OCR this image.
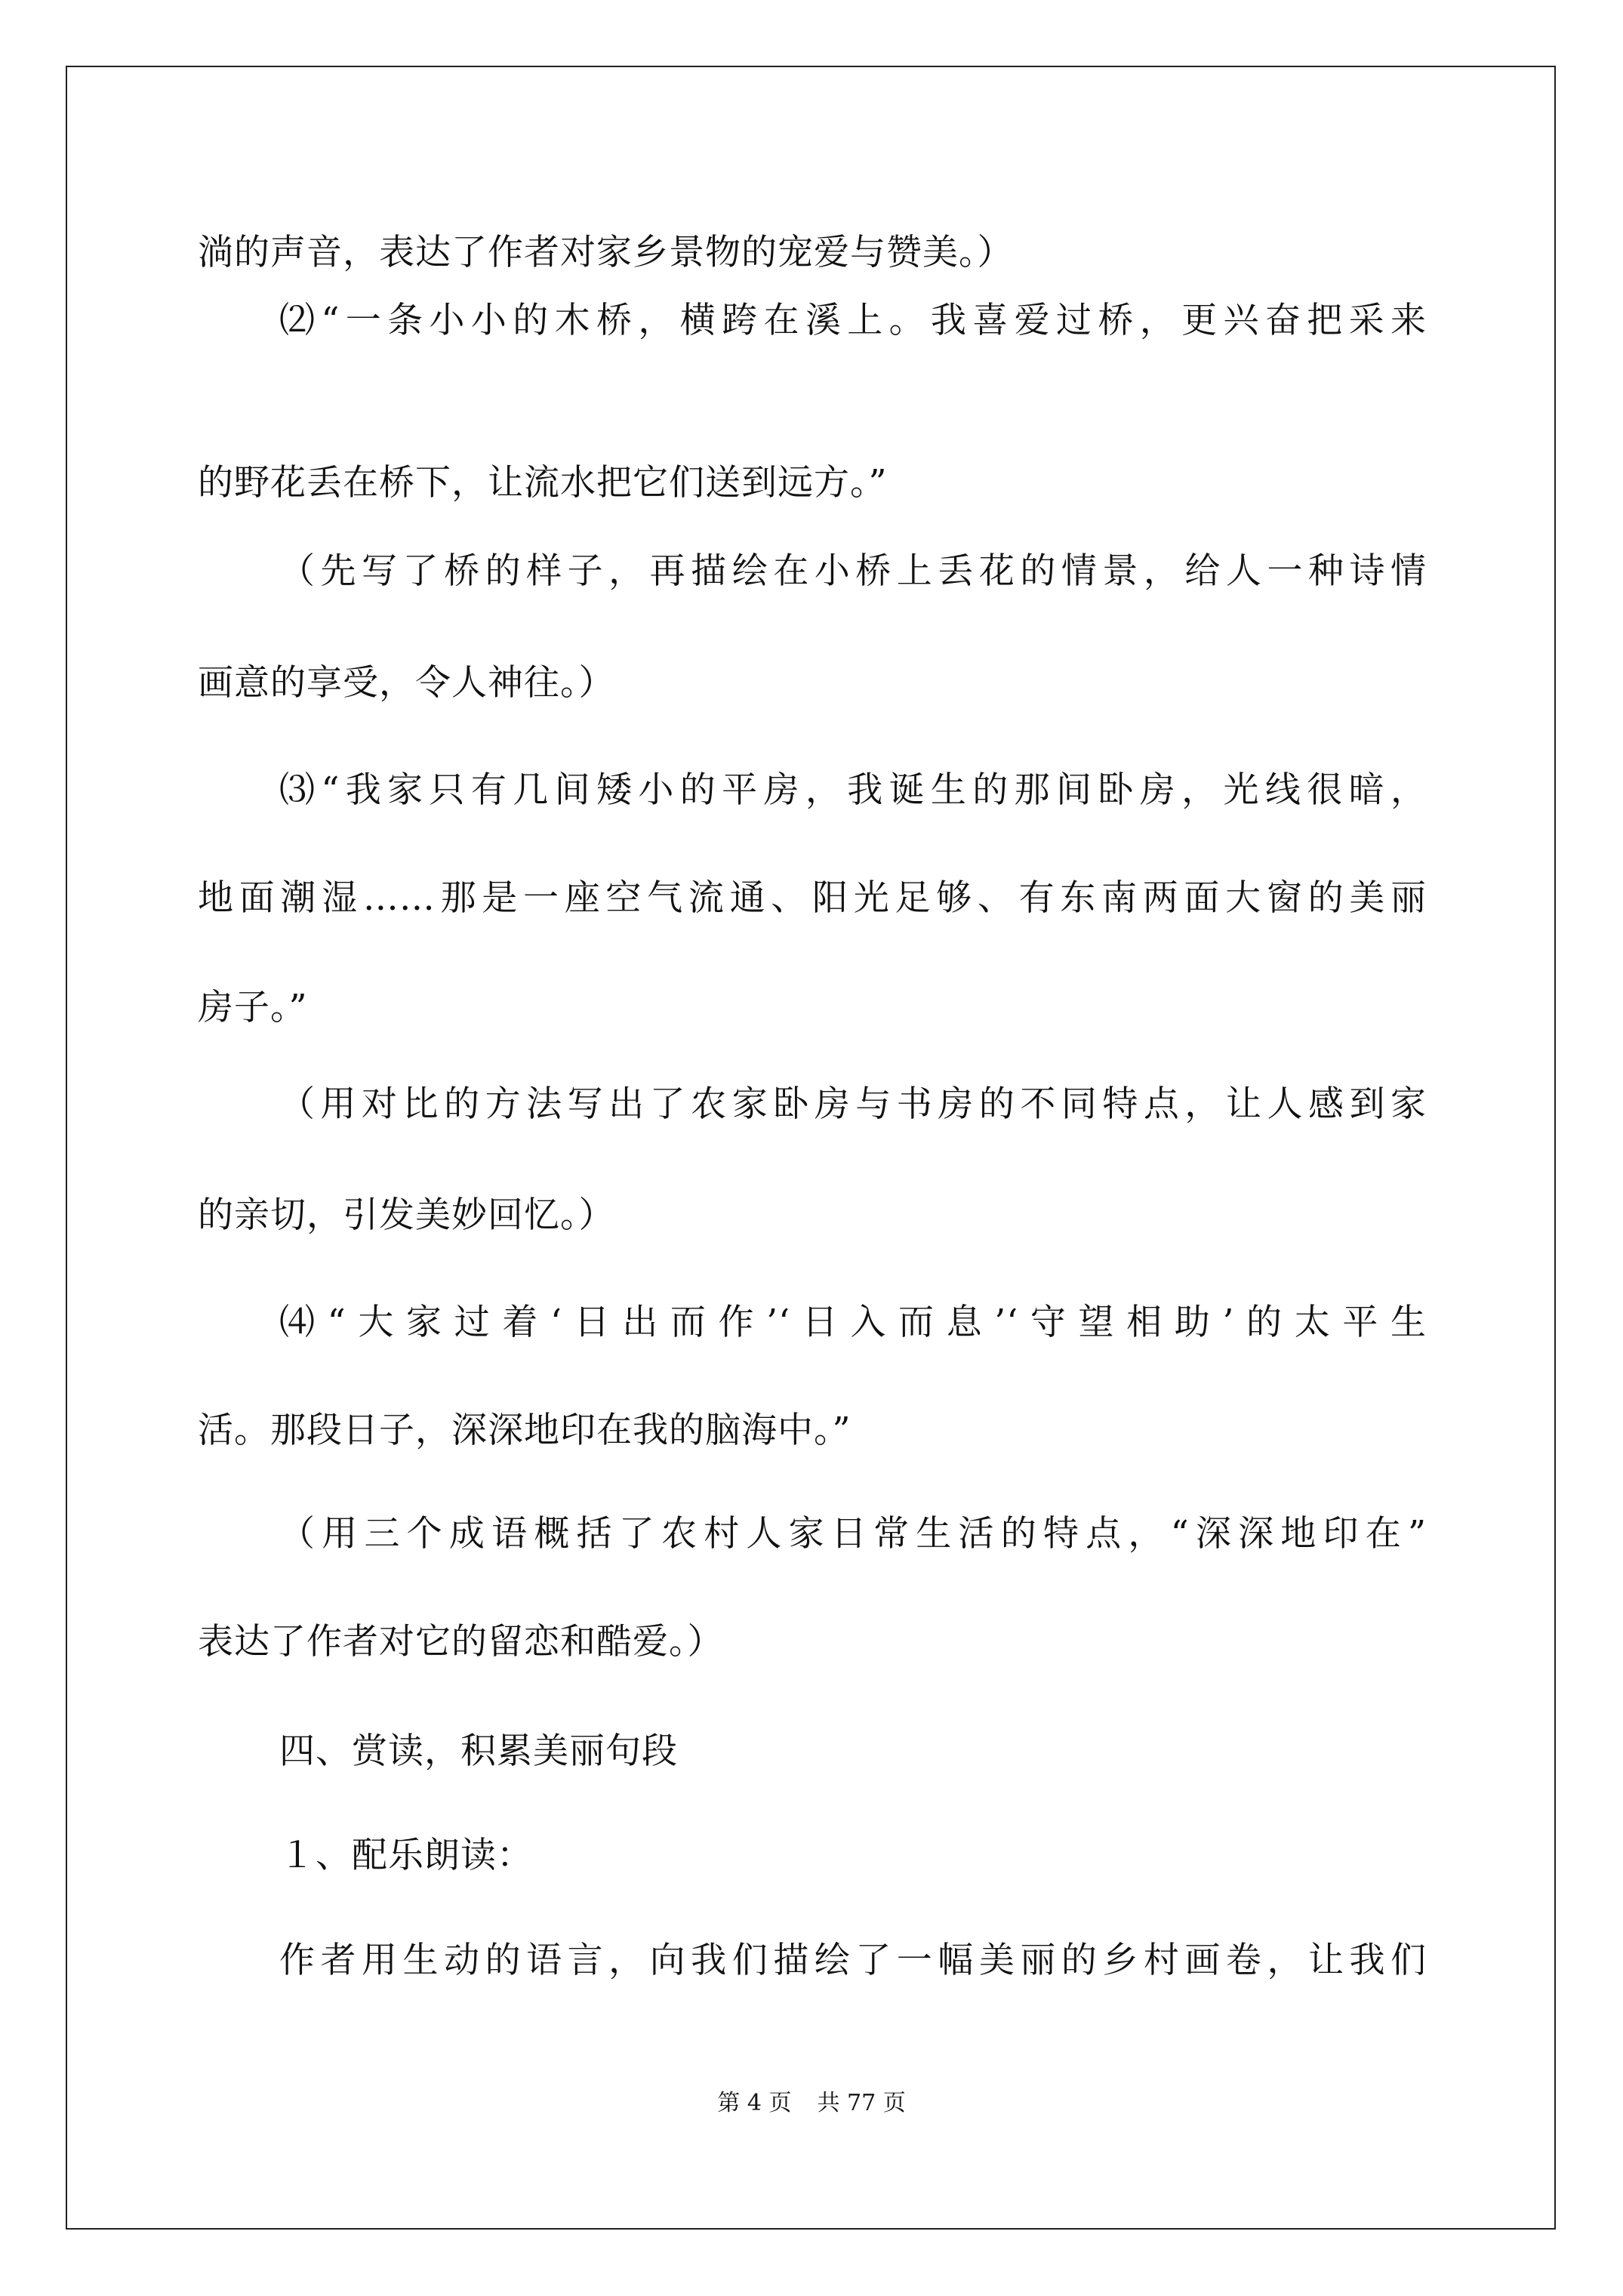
淌的声音，表达了作者对家乡景物的宠爱与赞美。）
⑵“一条小小的木桥，横跨在溪上。我喜爱过桥，更兴奋把采来
的野花丢在桥下，让流水把它们送到远方。”
（先写了桥的样子，再描绘在小桥上丢花的情景，给人一种诗情
画意的享受，令人神往。）
⑶“我家只有几间矮小的平房，我诞生的那间卧房，光线很暗，
地面潮湿……那是一座空气流通、阳光足够、有东南两面大窗的美丽
房子。”
（用对比的方法写出了农家卧房与书房的不同特点，让人感到家
的亲切，引发美妙回忆。）
⑷“大家过着‘日出而作’‘日入而息’‘守望相助’的太平生
活。那段日子，深深地印在我的脑海中。”
（用三个成语概括了农村人家日常生活的特点，“深深地印在”
表达了作者对它的留恋和酷爱。）
四、赏读，积累美丽句段
１、配乐朗读：
作者用生动的语言，向我们描绘了一幅美丽的乡村画卷，让我们
第 4 页 共 77 页
